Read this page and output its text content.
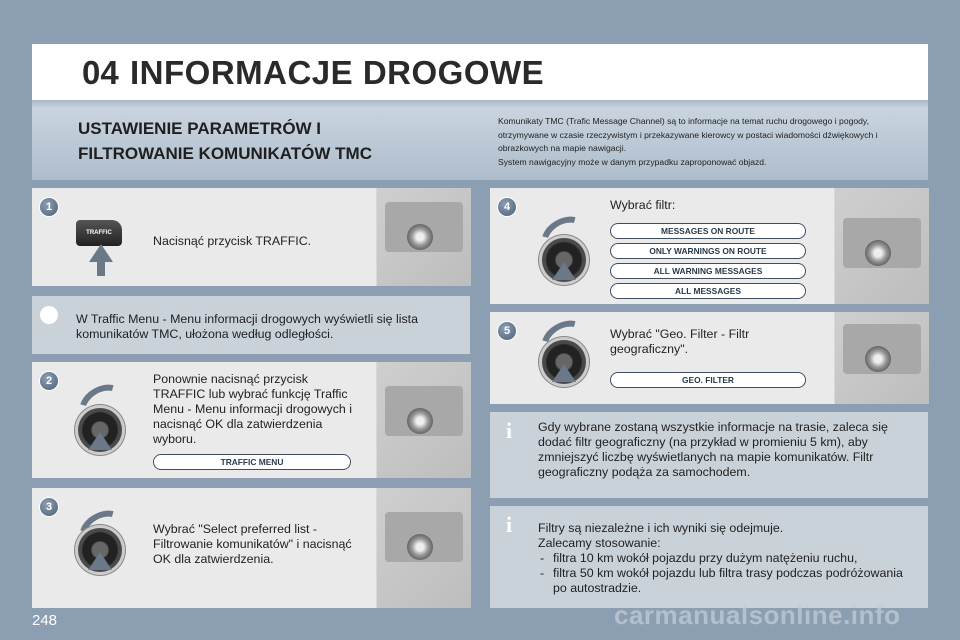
04 INFORMACJE DROGOWE
USTAWIENIE PARAMETRÓW I
FILTROWANIE KOMUNIKATÓW TMC

Komunikaty TMC (Trafic Message Channel) są to informacje na temat ruchu drogowego i pogody, otrzymywane w czasie rzeczywistym i przekazywane kierowcy w postaci wiadomości dźwiękowych i obrazkowych na mapie nawigacji.

System nawigacyjny może w danym przypadku zaproponować objazd.

1
TRAFFIC
Nacisnąć przycisk TRAFFIC.
W Traffic Menu - Menu informacji drogowych wyświetli się lista komunikatów TMC, ułożona według odległości.
2	Ponownie nacisnąć przycisk TRAFFIC lub wybrać funkcję Traffic Menu - Menu informacji drogowych i nacisnąć OK dla zatwierdzenia wyboru.
TRAFFIC MENU
3
Wybrać "Select preferred list - Filtrowanie komunikatów" i nacisnąć OK dla zatwierdzenia.
4	Wybrać filtr:
MESSAGES ON ROUTE
ONLY WARNINGS ON ROUTE
ALL WARNING MESSAGES
ALL MESSAGES
5	Wybrać "Geo. Filter - Filtr geograficzny".
GEO. FILTER
i	Gdy wybrane zostaną wszystkie informacje na trasie, zaleca się dodać filtr geograficzny (na przykład w promieniu 5 km), aby zmniejszyć liczbę wyświetlanych na mapie komunikatów. Filtr geograficzny podąża za samochodem.
i	Filtry są niezależne i ich wyniki się odejmuje.
Zalecamy stosowanie:
- filtra 10 km wokół pojazdu przy dużym natężeniu ruchu,
- filtra 50 km wokół pojazdu lub filtra trasy podczas podróżowania po autostradzie.
248	carmanualsonline.info
